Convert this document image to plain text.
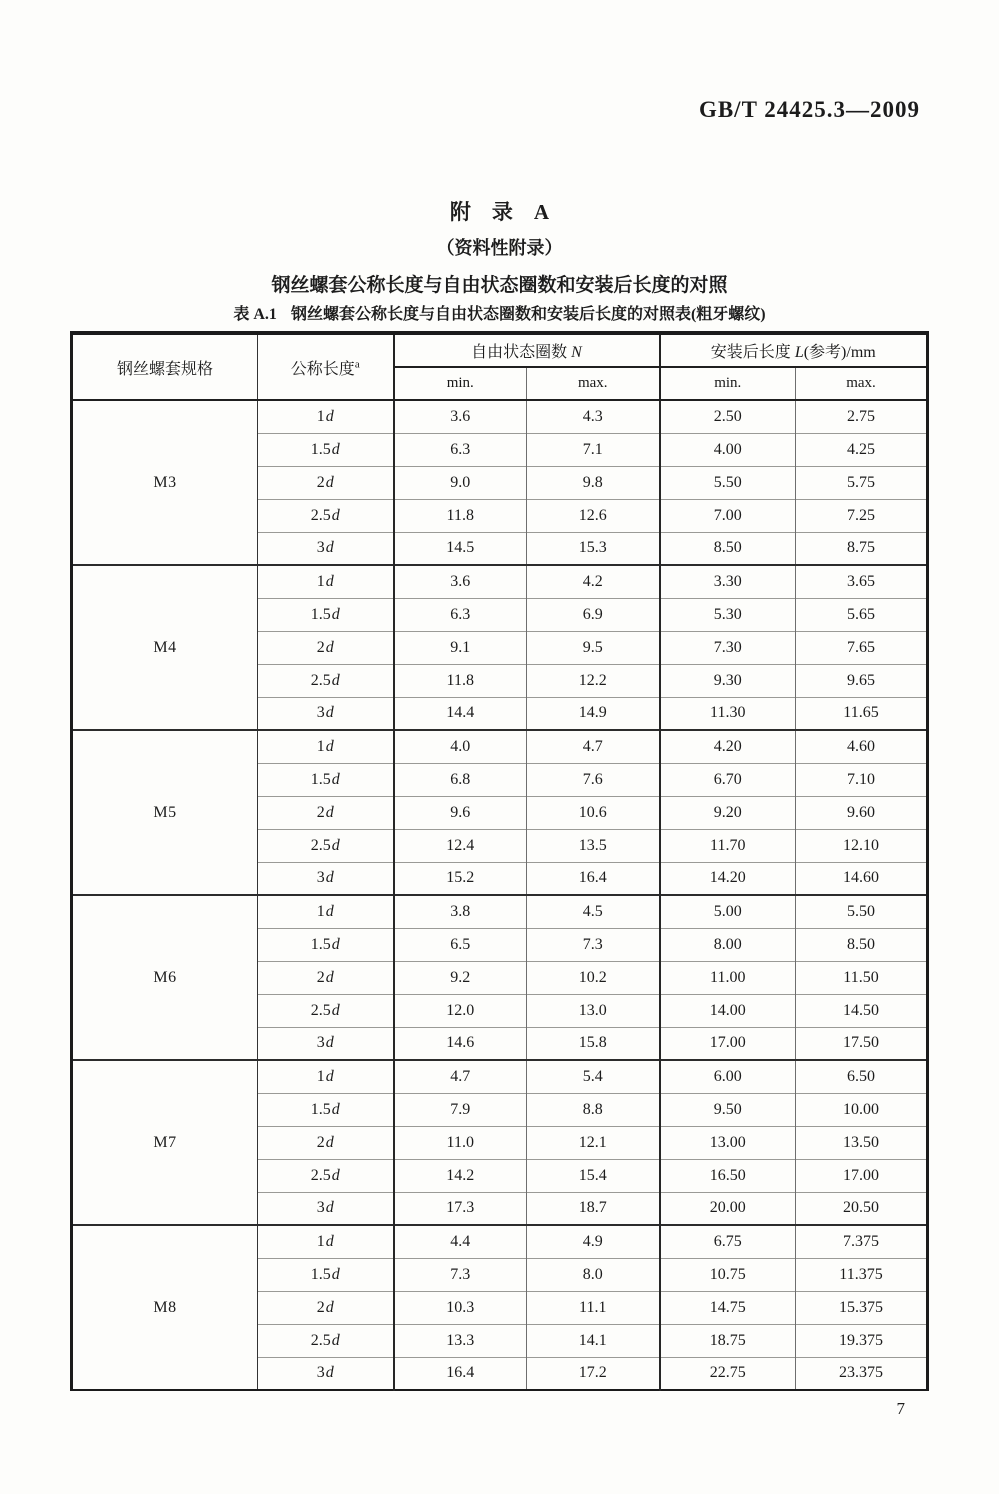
GB/T 24425.3—2009
附　录　A
（资料性附录）
钢丝螺套公称长度与自由状态圈数和安装后长度的对照
表 A.1 钢丝螺套公称长度与自由状态圈数和安装后长度的对照表(粗牙螺纹)
钢丝螺套规格	公称长度$^a$	自由状态圈数 N		安装后长度 L(参考)/mm	
		min.	max.	min.	max.
M3	1d	3.6	4.3	2.50	2.75
	1.5d	6.3	7.1	4.00	4.25
	2d	9.0	9.8	5.50	5.75
	2.5d	11.8	12.6	7.00	7.25
	3d	14.5	15.3	8.50	8.75
M4	1d	3.6	4.2	3.30	3.65
	1.5d	6.3	6.9	5.30	5.65
	2d	9.1	9.5	7.30	7.65
	2.5d	11.8	12.2	9.30	9.65
	3d	14.4	14.9	11.30	11.65
M5	1d	4.0	4.7	4.20	4.60
	1.5d	6.8	7.6	6.70	7.10
	2d	9.6	10.6	9.20	9.60
	2.5d	12.4	13.5	11.70	12.10
	3d	15.2	16.4	14.20	14.60
M6	1d	3.8	4.5	5.00	5.50
	1.5d	6.5	7.3	8.00	8.50
	2d	9.2	10.2	11.00	11.50
	2.5d	12.0	13.0	14.00	14.50
	3d	14.6	15.8	17.00	17.50
M7	1d	4.7	5.4	6.00	6.50
	1.5d	7.9	8.8	9.50	10.00
	2d	11.0	12.1	13.00	13.50
	2.5d	14.2	15.4	16.50	17.00
	3d	17.3	18.7	20.00	20.50
M8	1d	4.4	4.9	6.75	7.375
	1.5d	7.3	8.0	10.75	11.375
	2d	10.3	11.1	14.75	15.375
	2.5d	13.3	14.1	18.75	19.375
	3d	16.4	17.2	22.75	23.375
7
